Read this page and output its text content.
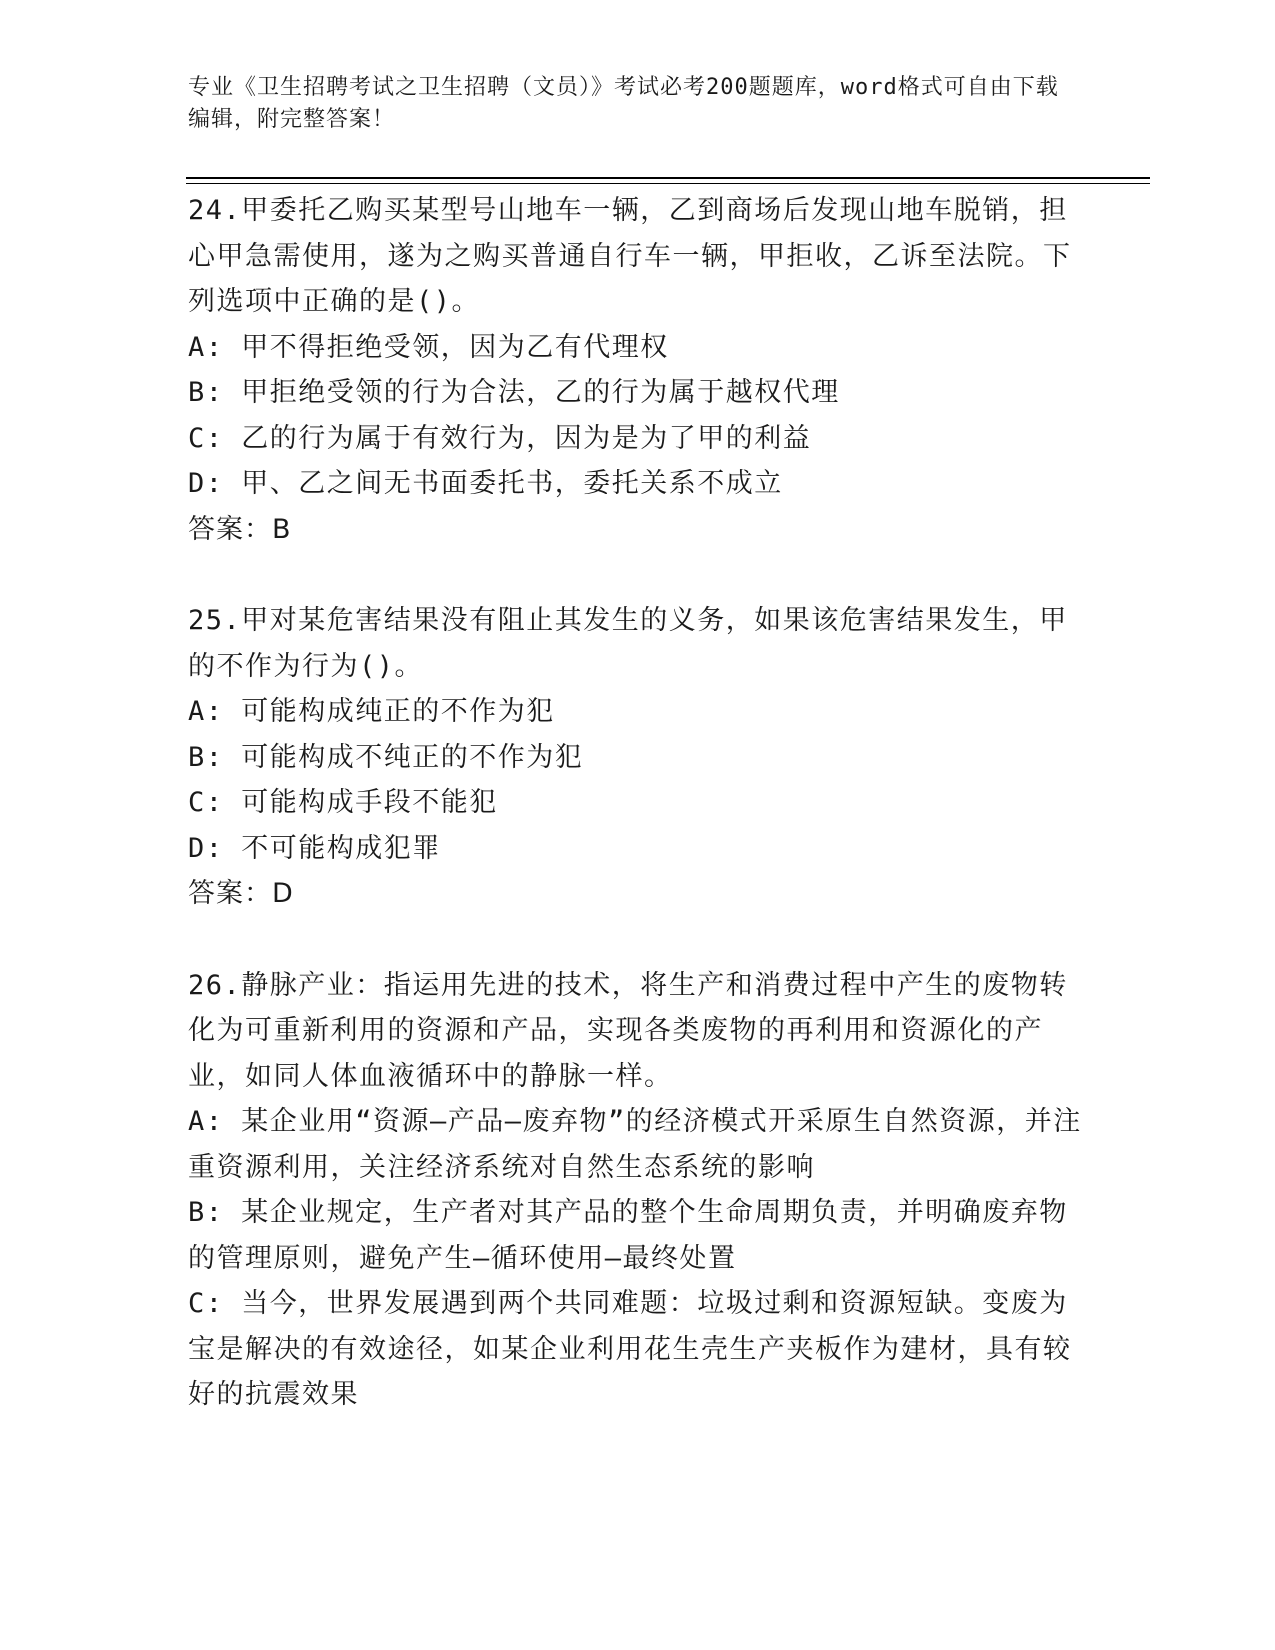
专业《卫生招聘考试之卫生招聘（文员）》考试必考200题题库，word格式可自由下载编辑，附完整答案！

24.甲委托乙购买某型号山地车一辆，乙到商场后发现山地车脱销，担心甲急需使用，遂为之购买普通自行车一辆，甲拒收，乙诉至法院。下列选项中正确的是()。

A: 甲不得拒绝受领，因为乙有代理权

B: 甲拒绝受领的行为合法，乙的行为属于越权代理

C: 乙的行为属于有效行为，因为是为了甲的利益

D: 甲、乙之间无书面委托书，委托关系不成立

答案：B

25.甲对某危害结果没有阻止其发生的义务，如果该危害结果发生，甲的不作为行为()。

A: 可能构成纯正的不作为犯

B: 可能构成不纯正的不作为犯

C: 可能构成手段不能犯

D: 不可能构成犯罪

答案：D

26.静脉产业：指运用先进的技术，将生产和消费过程中产生的废物转化为可重新利用的资源和产品，实现各类废物的再利用和资源化的产业，如同人体血液循环中的静脉一样。

A: 某企业用“资源—产品—废弃物”的经济模式开采原生自然资源，并注重资源利用，关注经济系统对自然生态系统的影响

B: 某企业规定，生产者对其产品的整个生命周期负责，并明确废弃物的管理原则，避免产生—循环使用—最终处置

C: 当今，世界发展遇到两个共同难题：垃圾过剩和资源短缺。变废为宝是解决的有效途径，如某企业利用花生壳生产夹板作为建材，具有较好的抗震效果
